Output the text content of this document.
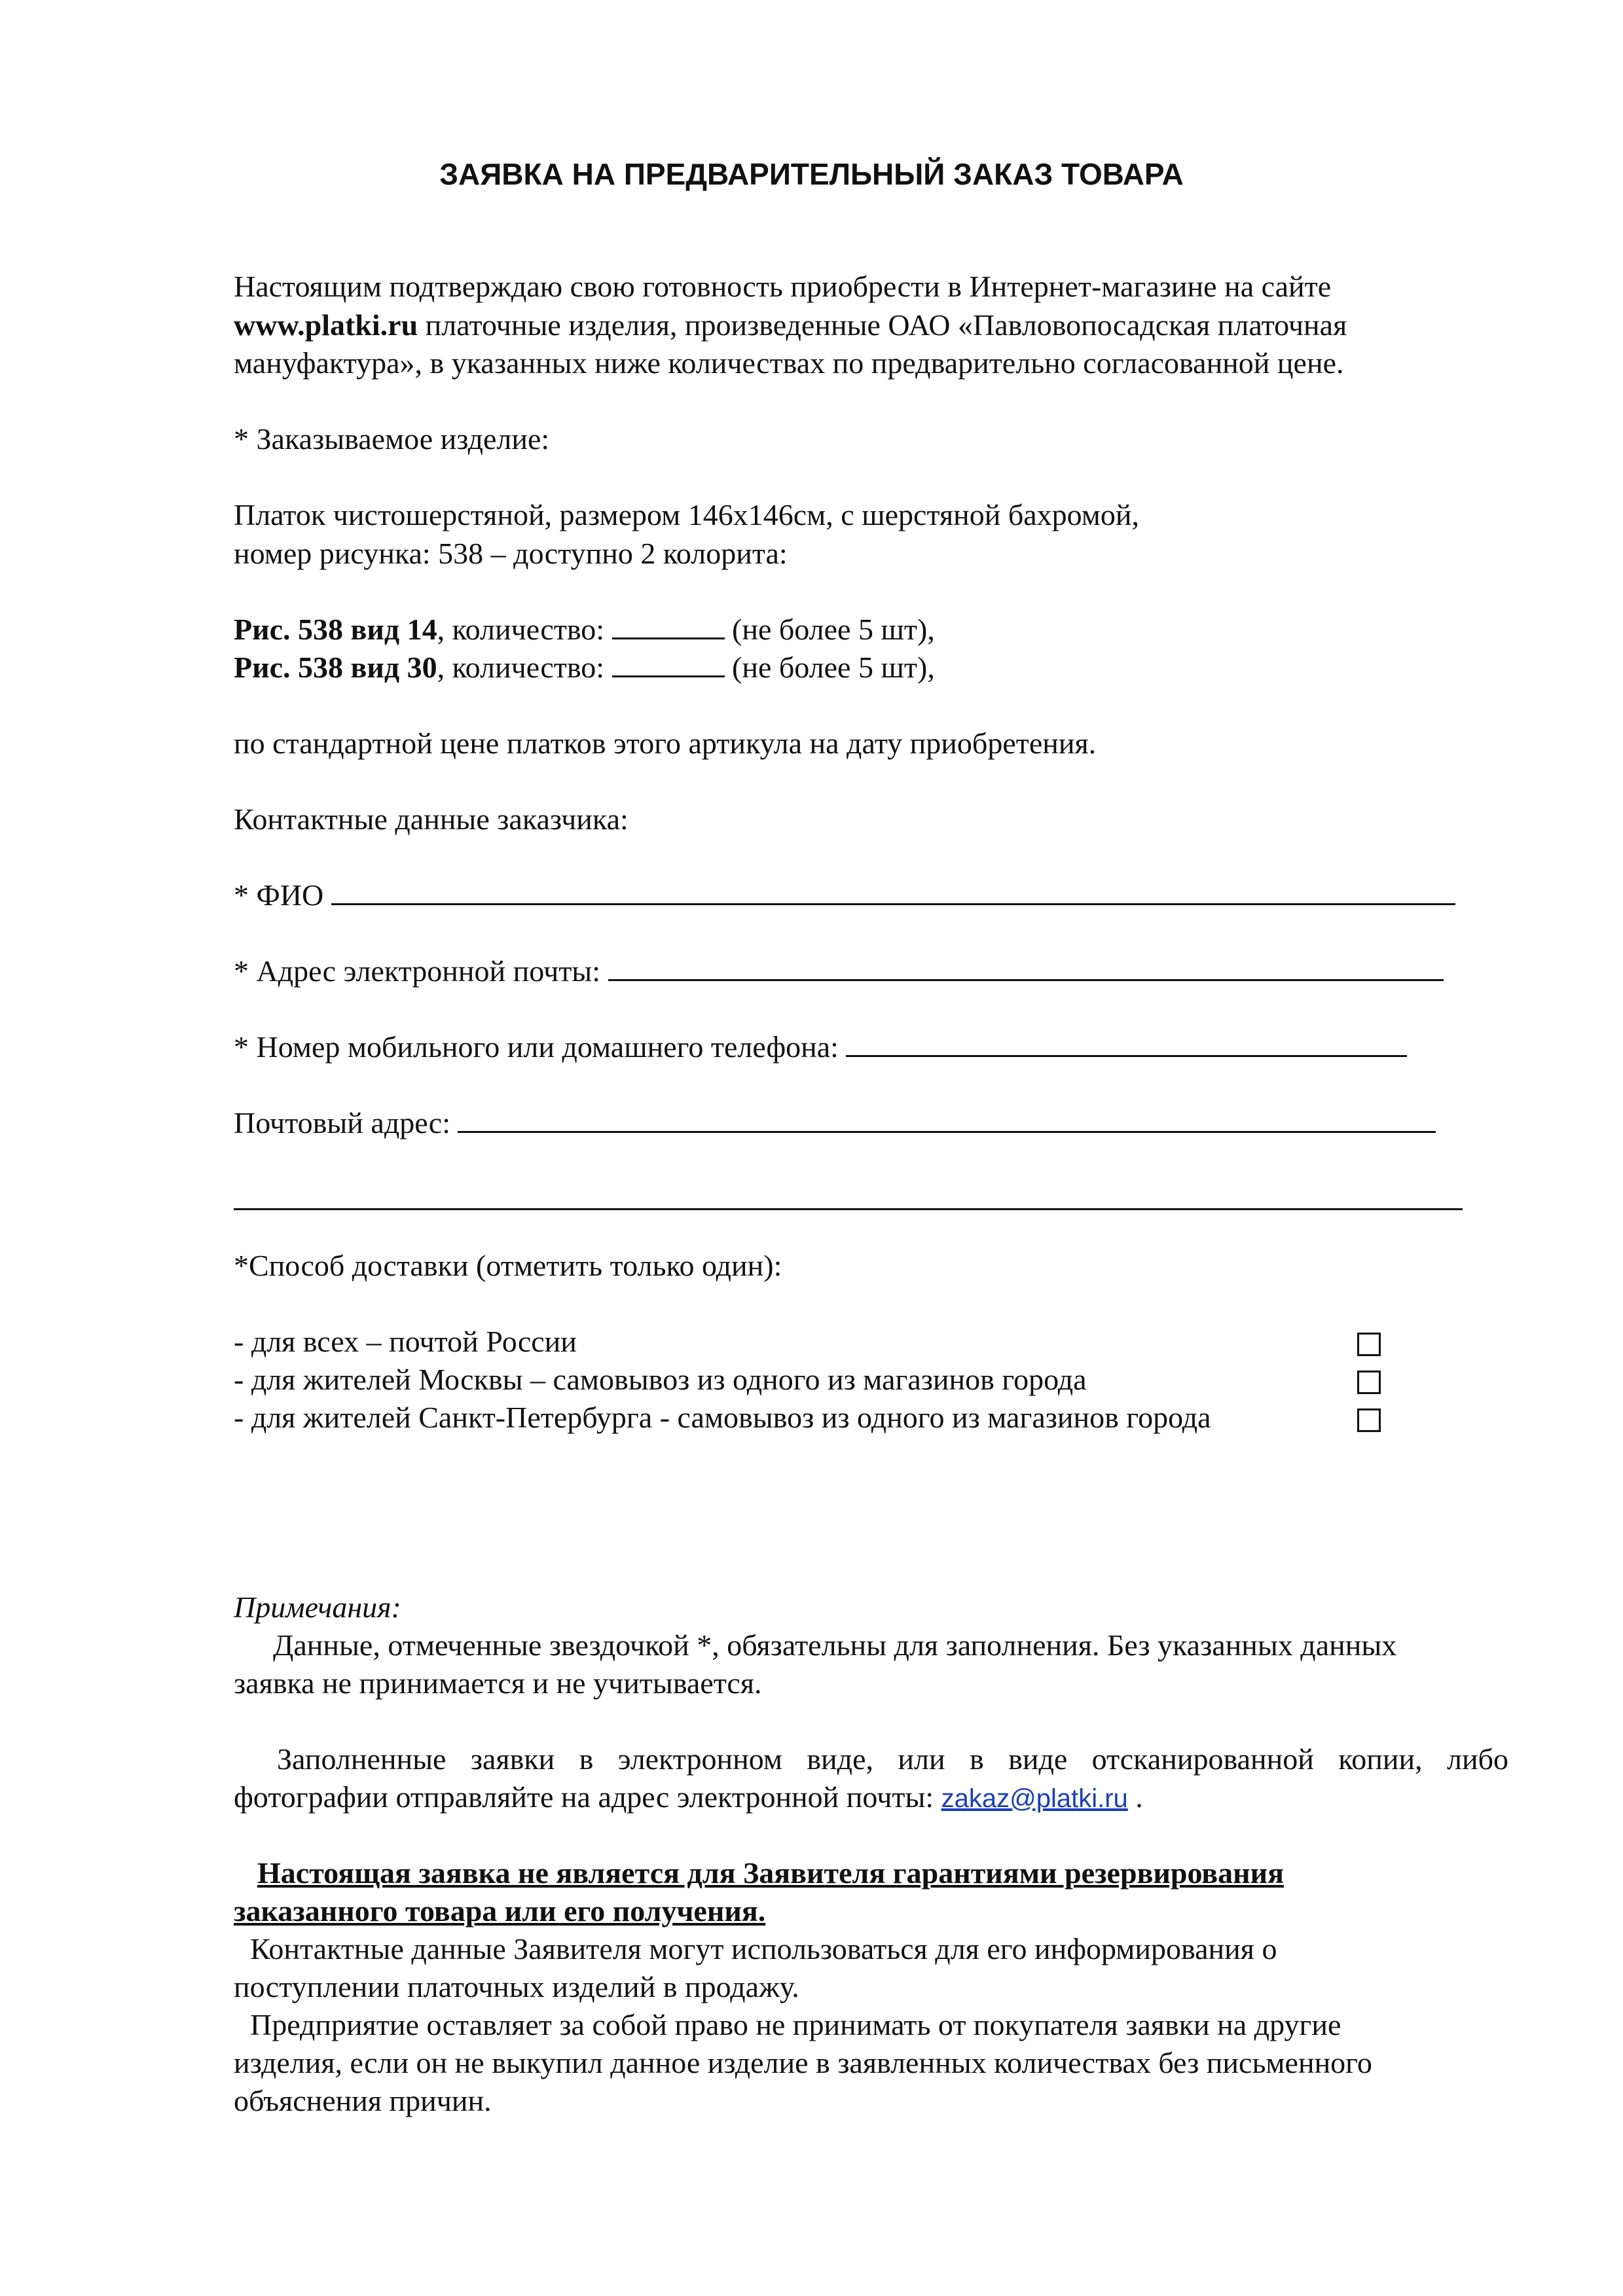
ЗАЯВКА НА ПРЕДВАРИТЕЛЬНЫЙ ЗАКАЗ ТОВАРА
Настоящим подтверждаю свою готовность приобрести в Интернет-магазине на сайте
www.platki.ru платочные изделия, произведенные ОАО «Павловопосадская платочная
мануфактура», в указанных ниже количествах по предварительно согласованной цене.
* Заказываемое изделие:
Платок чистошерстяной, размером 146х146см, с шерстяной бахромой,
номер рисунка: 538 – доступно 2 колорита:
Рис. 538 вид 14, количество:	(не более 5 шт),
Рис. 538 вид 30, количество:	(не более 5 шт),
по стандартной цене платков этого артикула на дату приобретения.
Контактные данные заказчика:
* ФИО
* Адрес электронной почты:
* Номер мобильного или домашнего телефона:
Почтовый адрес:
*Способ доставки (отметить только один):
- для всех – почтой России
- для жителей Москвы – самовывоз из одного из магазинов города
- для жителей Санкт-Петербурга - самовывоз из одного из магазинов города
Примечания:
Данные, отмеченные звездочкой *, обязательны для заполнения. Без указанных данных
заявка не принимается и не учитывается.
Заполненные заявки в электронном виде, или в виде отсканированной копии, либо
фотографии отправляйте на адрес электронной почты: zakaz@platki.ru .
Настоящая заявка не является для Заявителя гарантиями резервирования
заказанного товара или его получения.
Контактные данные Заявителя могут использоваться для его информирования о
поступлении платочных изделий в продажу.
Предприятие оставляет за собой право не принимать от покупателя заявки на другие
изделия, если он не выкупил данное изделие в заявленных количествах без письменного
объяснения причин.
